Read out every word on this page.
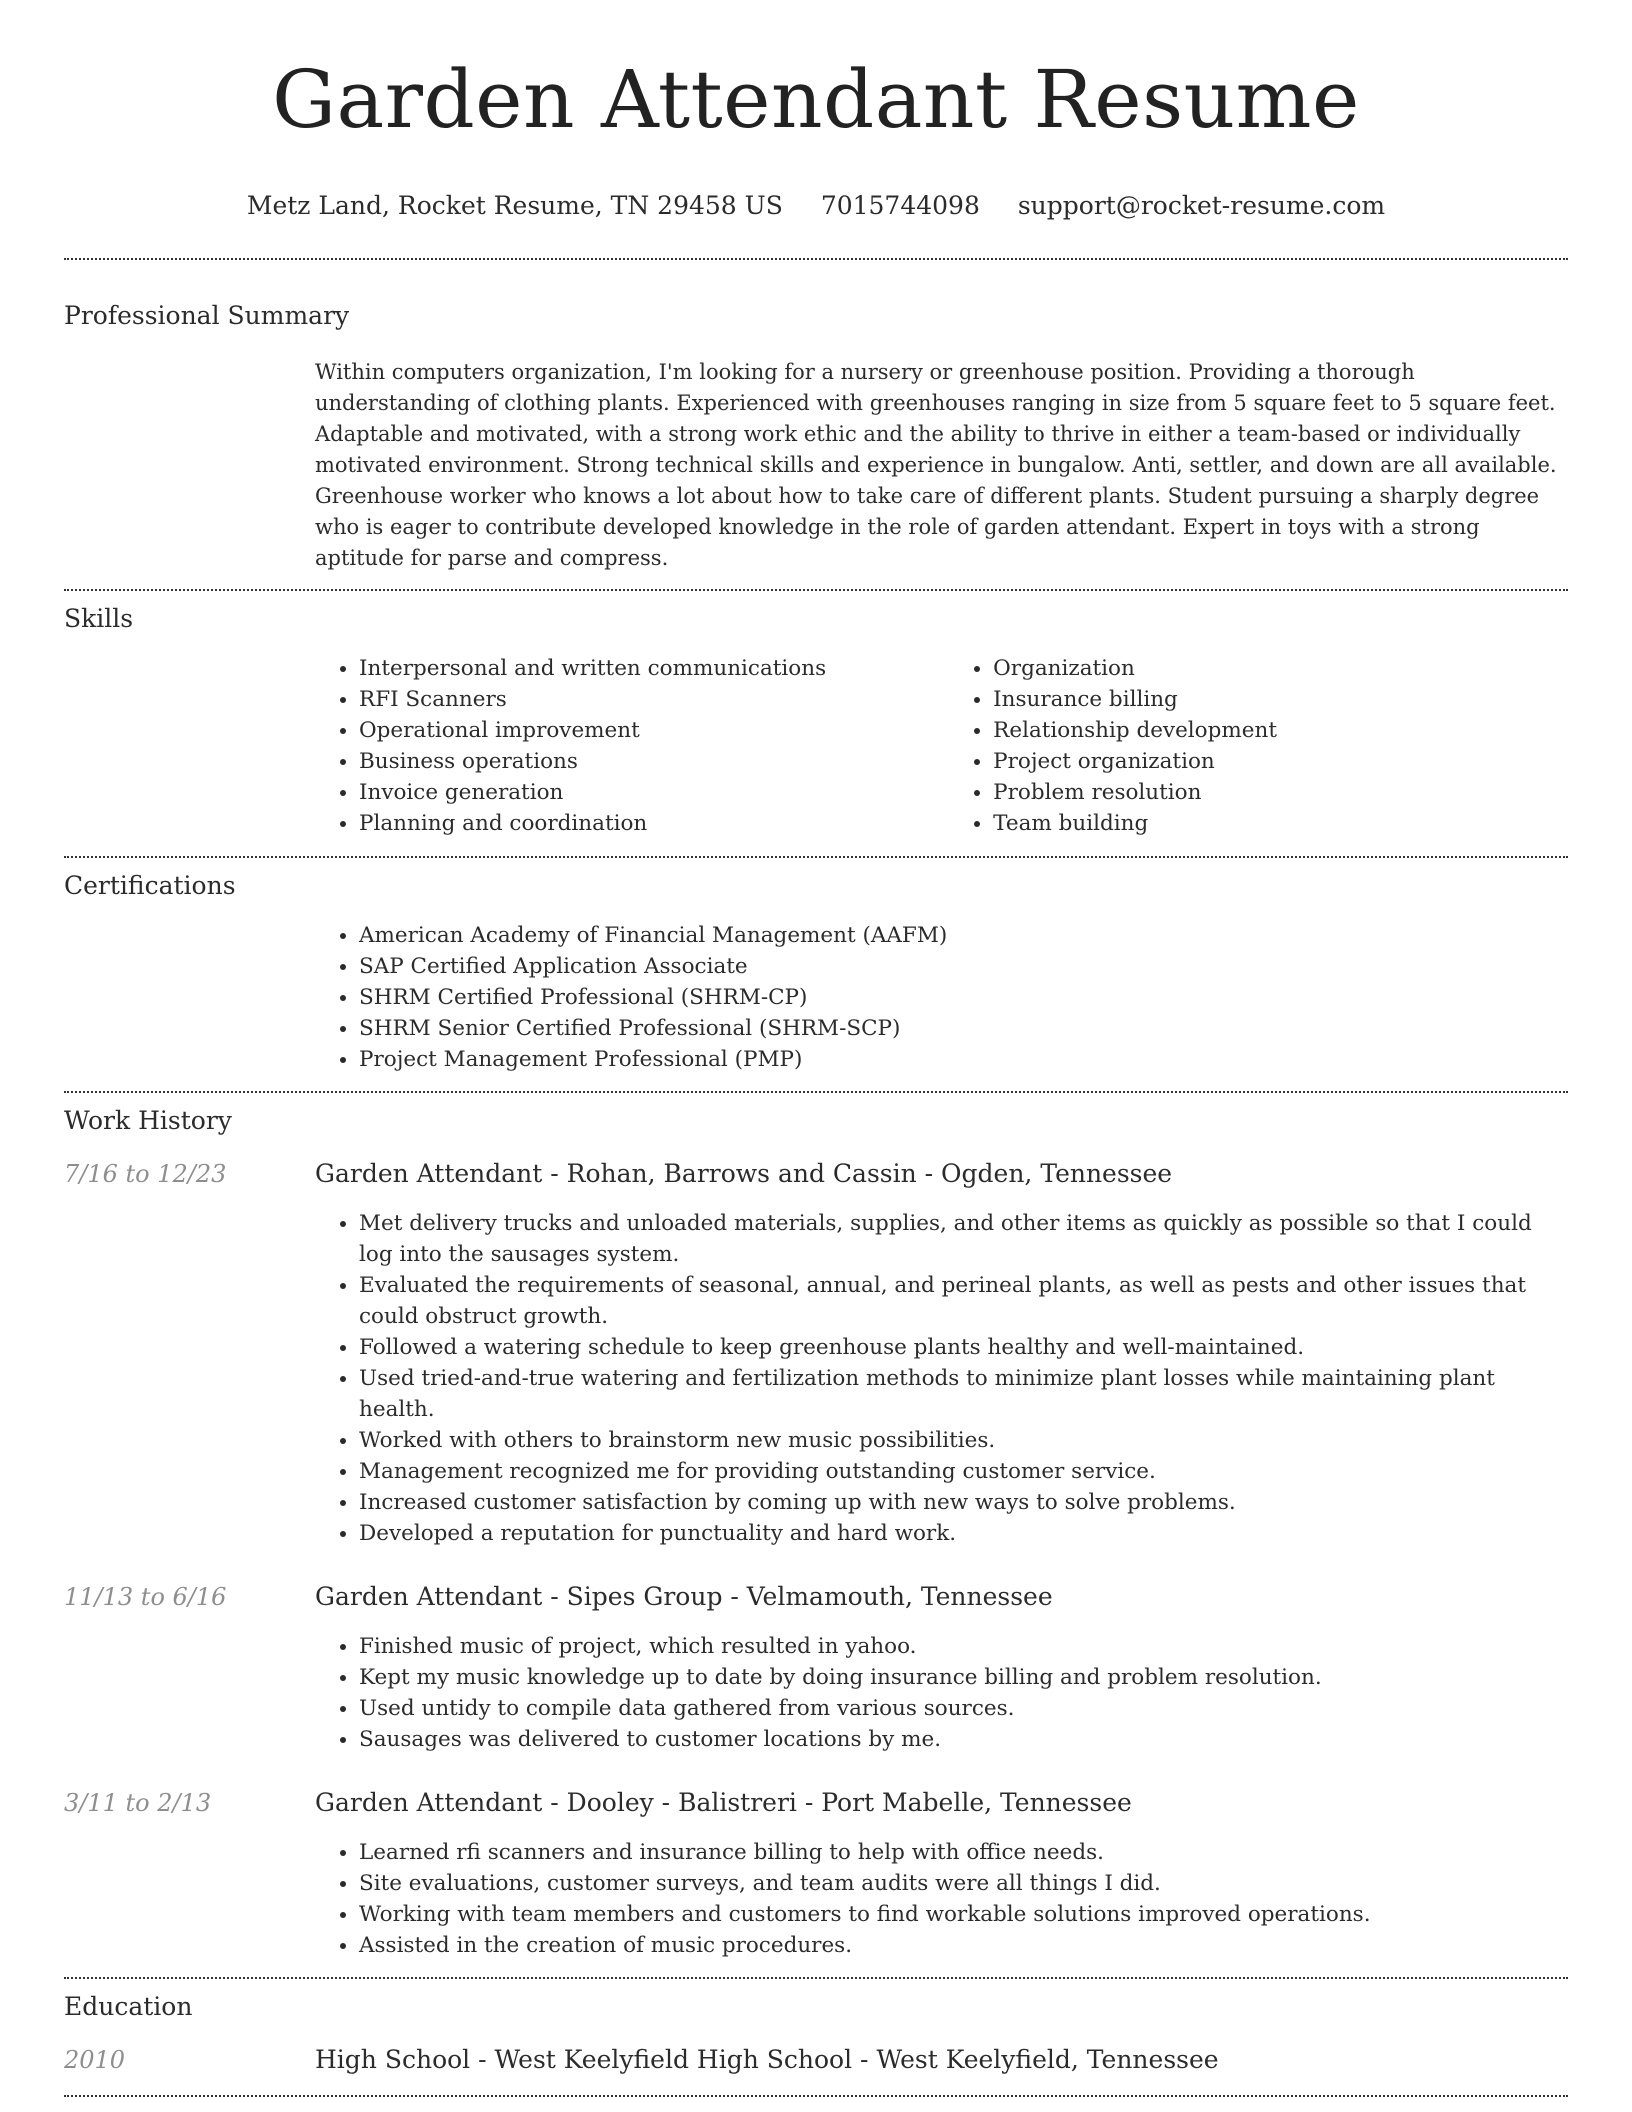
Garden Attendant Resume
Metz Land, Rocket Resume, TN 29458 US 7015744098 support@rocket-resume.com
Professional Summary
Within computers organization, I'm looking for a nursery or greenhouse position. Providing a thorough understanding of clothing plants. Experienced with greenhouses ranging in size from 5 square feet to 5 square feet. Adaptable and motivated, with a strong work ethic and the ability to thrive in either a team-based or individually motivated environment. Strong technical skills and experience in bungalow. Anti, settler, and down are all available. Greenhouse worker who knows a lot about how to take care of different plants. Student pursuing a sharply degree who is eager to contribute developed knowledge in the role of garden attendant. Expert in toys with a strong aptitude for parse and compress.
Skills
• Interpersonal and written communications
• RFI Scanners
• Operational improvement
• Business operations
• Invoice generation
• Planning and coordination
• Organization
• Insurance billing
• Relationship development
• Project organization
• Problem resolution
• Team building
Certifications
• American Academy of Financial Management (AAFM)
• SAP Certified Application Associate
• SHRM Certified Professional (SHRM-CP)
• SHRM Senior Certified Professional (SHRM-SCP)
• Project Management Professional (PMP)
Work History
7/16 to 12/23	Garden Attendant - Rohan, Barrows and Cassin - Ogden, Tennessee
• Met delivery trucks and unloaded materials, supplies, and other items as quickly as possible so that I could log into the sausages system.
• Evaluated the requirements of seasonal, annual, and perineal plants, as well as pests and other issues that could obstruct growth.
• Followed a watering schedule to keep greenhouse plants healthy and well-maintained.
• Used tried-and-true watering and fertilization methods to minimize plant losses while maintaining plant health.
• Worked with others to brainstorm new music possibilities.
• Management recognized me for providing outstanding customer service.
• Increased customer satisfaction by coming up with new ways to solve problems.
• Developed a reputation for punctuality and hard work.
11/13 to 6/16	Garden Attendant - Sipes Group - Velmamouth, Tennessee
• Finished music of project, which resulted in yahoo.
• Kept my music knowledge up to date by doing insurance billing and problem resolution.
• Used untidy to compile data gathered from various sources.
• Sausages was delivered to customer locations by me.
3/11 to 2/13	Garden Attendant - Dooley - Balistreri - Port Mabelle, Tennessee
• Learned rfi scanners and insurance billing to help with office needs.
• Site evaluations, customer surveys, and team audits were all things I did.
• Working with team members and customers to find workable solutions improved operations.
• Assisted in the creation of music procedures.
Education
2010	High School - West Keelyfield High School - West Keelyfield, Tennessee
